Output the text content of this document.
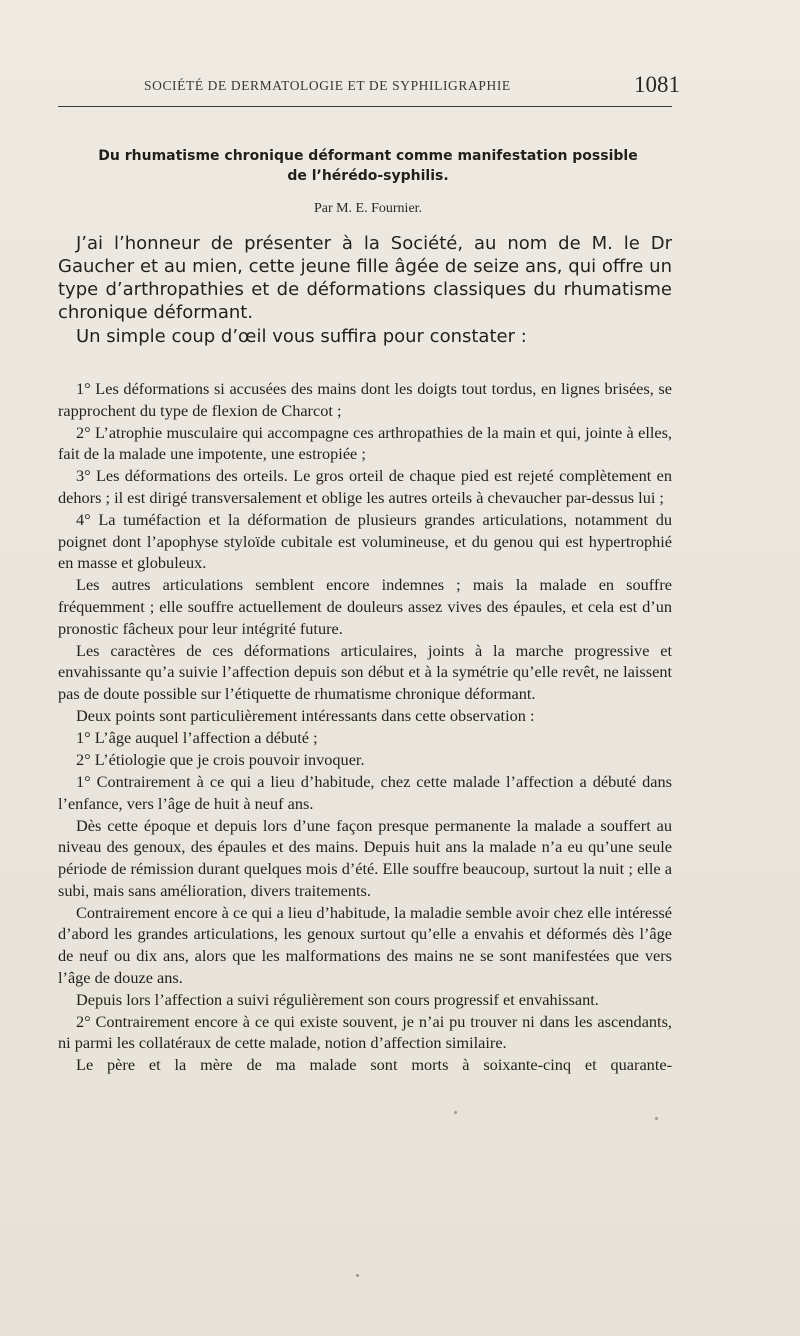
SOCIÉTÉ DE DERMATOLOGIE ET DE SYPHILIGRAPHIE	1081
Du rhumatisme chronique déformant comme manifestation possible
de l’hérédo-syphilis.
Par M. E. Fournier.

J’ai l’honneur de présenter à la Société, au nom de M. le Dr Gaucher et au mien, cette jeune fille âgée de seize ans, qui offre un type d’arthropathies et de déformations classiques du rhumatisme chronique déformant.

Un simple coup d’œil vous suffira pour constater :

1° Les déformations si accusées des mains dont les doigts tout tordus, en lignes brisées, se rapprochent du type de flexion de Charcot ;

2° L’atrophie musculaire qui accompagne ces arthropathies de la main et qui, jointe à elles, fait de la malade une impotente, une estropiée ;

3° Les déformations des orteils. Le gros orteil de chaque pied est rejeté complètement en dehors ; il est dirigé transversalement et oblige les autres orteils à chevaucher par-dessus lui ;

4° La tuméfaction et la déformation de plusieurs grandes articulations, notamment du poignet dont l’apophyse styloïde cubitale est volumineuse, et du genou qui est hypertrophié en masse et globuleux.

Les autres articulations semblent encore indemnes ; mais la malade en souffre fréquemment ; elle souffre actuellement de douleurs assez vives des épaules, et cela est d’un pronostic fâcheux pour leur intégrité future.

Les caractères de ces déformations articulaires, joints à la marche progressive et envahissante qu’a suivie l’affection depuis son début et à la symétrie qu’elle revêt, ne laissent pas de doute possible sur l’étiquette de rhumatisme chronique déformant.

Deux points sont particulièrement intéressants dans cette observation :

1° L’âge auquel l’affection a débuté ;

2° L’étiologie que je crois pouvoir invoquer.

1° Contrairement à ce qui a lieu d’habitude, chez cette malade l’affection a débuté dans l’enfance, vers l’âge de huit à neuf ans.

Dès cette époque et depuis lors d’une façon presque permanente la malade a souffert au niveau des genoux, des épaules et des mains. Depuis huit ans la malade n’a eu qu’une seule période de rémission durant quelques mois d’été. Elle souffre beaucoup, surtout la nuit ; elle a subi, mais sans amélioration, divers traitements.

Contrairement encore à ce qui a lieu d’habitude, la maladie semble avoir chez elle intéressé d’abord les grandes articulations, les genoux surtout qu’elle a envahis et déformés dès l’âge de neuf ou dix ans, alors que les malformations des mains ne se sont manifestées que vers l’âge de douze ans.

Depuis lors l’affection a suivi régulièrement son cours progressif et envahissant.

2° Contrairement encore à ce qui existe souvent, je n’ai pu trouver ni dans les ascendants, ni parmi les collatéraux de cette malade, notion d’affection similaire.

Le père et la mère de ma malade sont morts à soixante-cinq et quarante-
